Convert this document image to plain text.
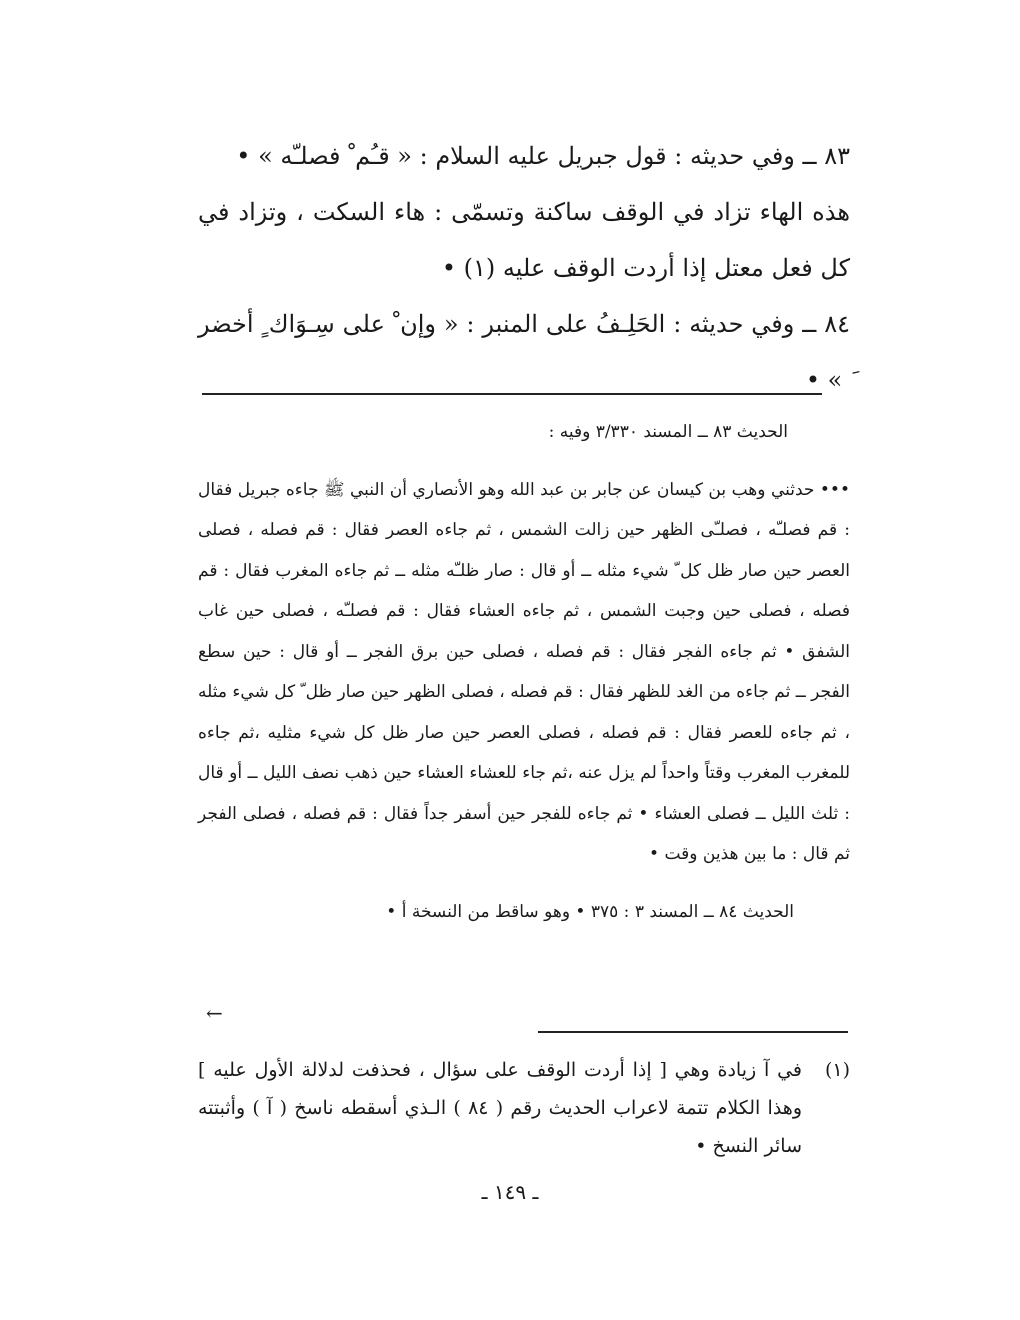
٨٣ ــ وفي حديثه : قول جبريل عليه السلام : « قـُم ْ فصلـّه » •

هذه الهاء تزاد في الوقف ساكنة وتسمّى : هاء السكت ، وتزاد في كل فعل معتل إذا أردت الوقف عليه (١) •

٨٤ ــ وفي حديثه : الحَلِـفُ على المنبر : « وإن ْ على سِـوَاك ٍ أخضر َ » •

الحديث ٨٣ ــ المسند ٣/٣٣٠ وفيه :

••• حدثني وهب بن كيسان عن جابر بن عبد الله وهو الأنصاري أن النبي ﷺ جاءه جبريل فقال : قم فصلـّه ، فصلـّى الظهر حين زالت الشمس ، ثم جاءه العصر فقال : قم فصله ، فصلى العصر حين صار ظل كل ّ شيء مثله ــ أو قال : صار ظلـّه مثله ــ ثم جاءه المغرب فقال : قم فصله ، فصلى حين وجبت الشمس ، ثم جاءه العشاء فقال : قم فصلـّه ، فصلى حين غاب الشفق • ثم جاءه الفجر فقال : قم فصله ، فصلى حين برق الفجر ــ أو قال : حين سطع الفجر ــ ثم جاءه من الغد للظهر فقال : قم فصله ، فصلى الظهر حين صار ظل ّ كل شيء مثله ، ثم جاءه للعصر فقال : قم فصله ، فصلى العصر حين صار ظل كل شيء مثليه ،ثم جاءه للمغرب المغرب وقتاً واحداً لم يزل عنه ،ثم جاء للعشاء العشاء حين ذهب نصف الليل ــ أو قال : ثلث الليل ــ فصلى العشاء • ثم جاءه للفجر حين أسفر جداً فقال : قم فصله ، فصلى الفجر ثم قال : ما بين هذين وقت •

الحديث ٨٤ ــ المسند ٣ : ٣٧٥ • وهو ساقط من النسخة أ •

←
(١)
في آ زيادة وهي [ إذا أردت الوقف على سؤال ، فحذفت لدلالة الأول عليه ] وهذا الكلام تتمة لاعراب الحديث رقم ( ٨٤ ) الـذي أسقطه ناسخ ( آ ) وأثبتته سائر النسخ •
ـ ١٤٩ ـ
